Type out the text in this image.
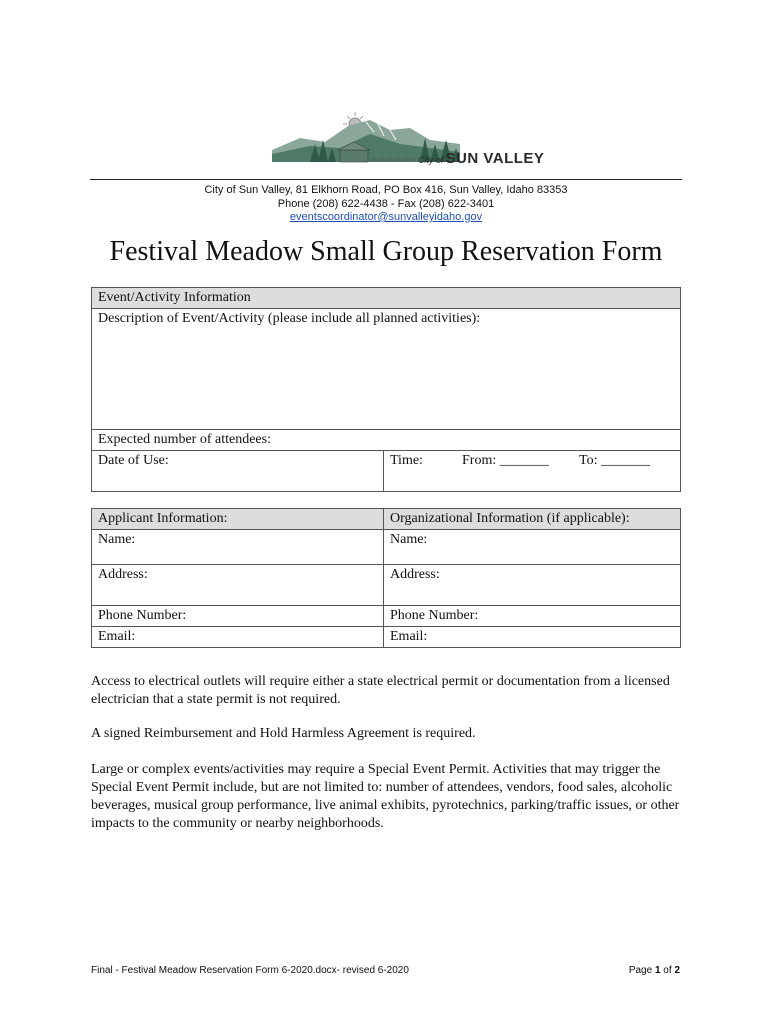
City of SUN VALLEY
City of Sun Valley, 81 Elkhorn Road, PO Box 416, Sun Valley, Idaho 83353
Phone (208) 622-4438 - Fax (208) 622-3401
eventscoordinator@sunvalleyidaho.gov
Festival Meadow Small Group Reservation Form
Event/Activity Information
Description of Event/Activity (please include all planned activities):
Expected number of attendees:
Date of Use:	Time:	From: _______	To: _______
Applicant Information:	Organizational Information (if applicable):
Name:	Name:
Address:	Address:
Phone Number:	Phone Number:
Email:	Email:
Access to electrical outlets will require either a state electrical permit or documentation from a licensed electrician that a state permit is not required.
A signed Reimbursement and Hold Harmless Agreement is required.
Large or complex events/activities may require a Special Event Permit. Activities that may trigger the Special Event Permit include, but are not limited to: number of attendees, vendors, food sales, alcoholic beverages, musical group performance, live animal exhibits, pyrotechnics, parking/traffic issues, or other impacts to the community or nearby neighborhoods.
Final - Festival Meadow Reservation Form 6-2020.docx- revised 6-2020	Page 1 of 2
